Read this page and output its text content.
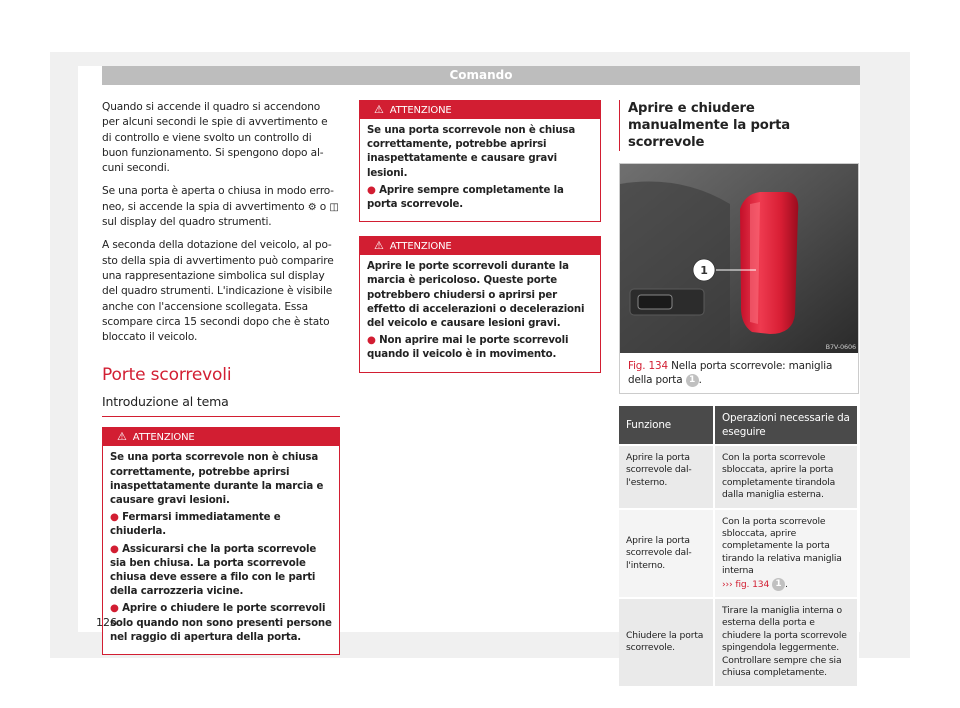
Comando

Quando si accende il quadro si accendono per alcuni secondi le spie di avvertimento e di controllo e viene svolto un controllo di buon funzionamento. Si spengono dopo alcuni secondi.

Se una porta è aperta o chiusa in modo erroneo, si accende la spia di avvertimento ⚙ o ◫ sul display del quadro strumenti.

A seconda della dotazione del veicolo, al posto della spia di avvertimento può comparire una rappresentazione simbolica sul display del quadro strumenti. L'indicazione è visibile anche con l'accensione scollegata. Essa scompare circa 15 secondi dopo che è stato bloccato il veicolo.

Porte scorrevoli
Introduzione al tema
⚠ ATTENZIONE
Se una porta scorrevole non è chiusa correttamente, potrebbe aprirsi inaspettatamente durante la marcia e causare gravi lesioni.
● Fermarsi immediatamente e chiuderla.
● Assicurarsi che la porta scorrevole sia ben chiusa. La porta scorrevole chiusa deve essere a filo con le parti della carrozzeria vicine.
● Aprire o chiudere le porte scorrevoli solo quando non sono presenti persone nel raggio di apertura della porta.
⚠ ATTENZIONE
Se una porta scorrevole non è chiusa correttamente, potrebbe aprirsi inaspettatamente e causare gravi lesioni.
● Aprire sempre completamente la porta scorrevole.
⚠ ATTENZIONE
Aprire le porte scorrevoli durante la marcia è pericoloso. Queste porte potrebbero chiudersi o aprirsi per effetto di accelerazioni o decelerazioni del veicolo e causare lesioni gravi.
● Non aprire mai le porte scorrevoli quando il veicolo è in movimento.
Aprire e chiudere manualmente la porta scorrevole
1
B7V-0606
Fig. 134 Nella porta scorrevole: maniglia della porta 1 .
Funzione	Operazioni necessarie da eseguire
Aprire la porta scorrevole dall'esterno.	Con la porta scorrevole sbloccata, aprire la porta completamente tirandola dalla maniglia esterna.
Aprire la porta scorrevole dall'interno.	Con la porta scorrevole sbloccata, aprire completamente la porta tirando la relativa maniglia interna
››› fig. 134 1 .
Chiudere la porta scorrevole.	Tirare la maniglia interna o esterna della porta e chiudere la porta scorrevole spingendola leggermente. Controllare sempre che sia chiusa completamente.
126
